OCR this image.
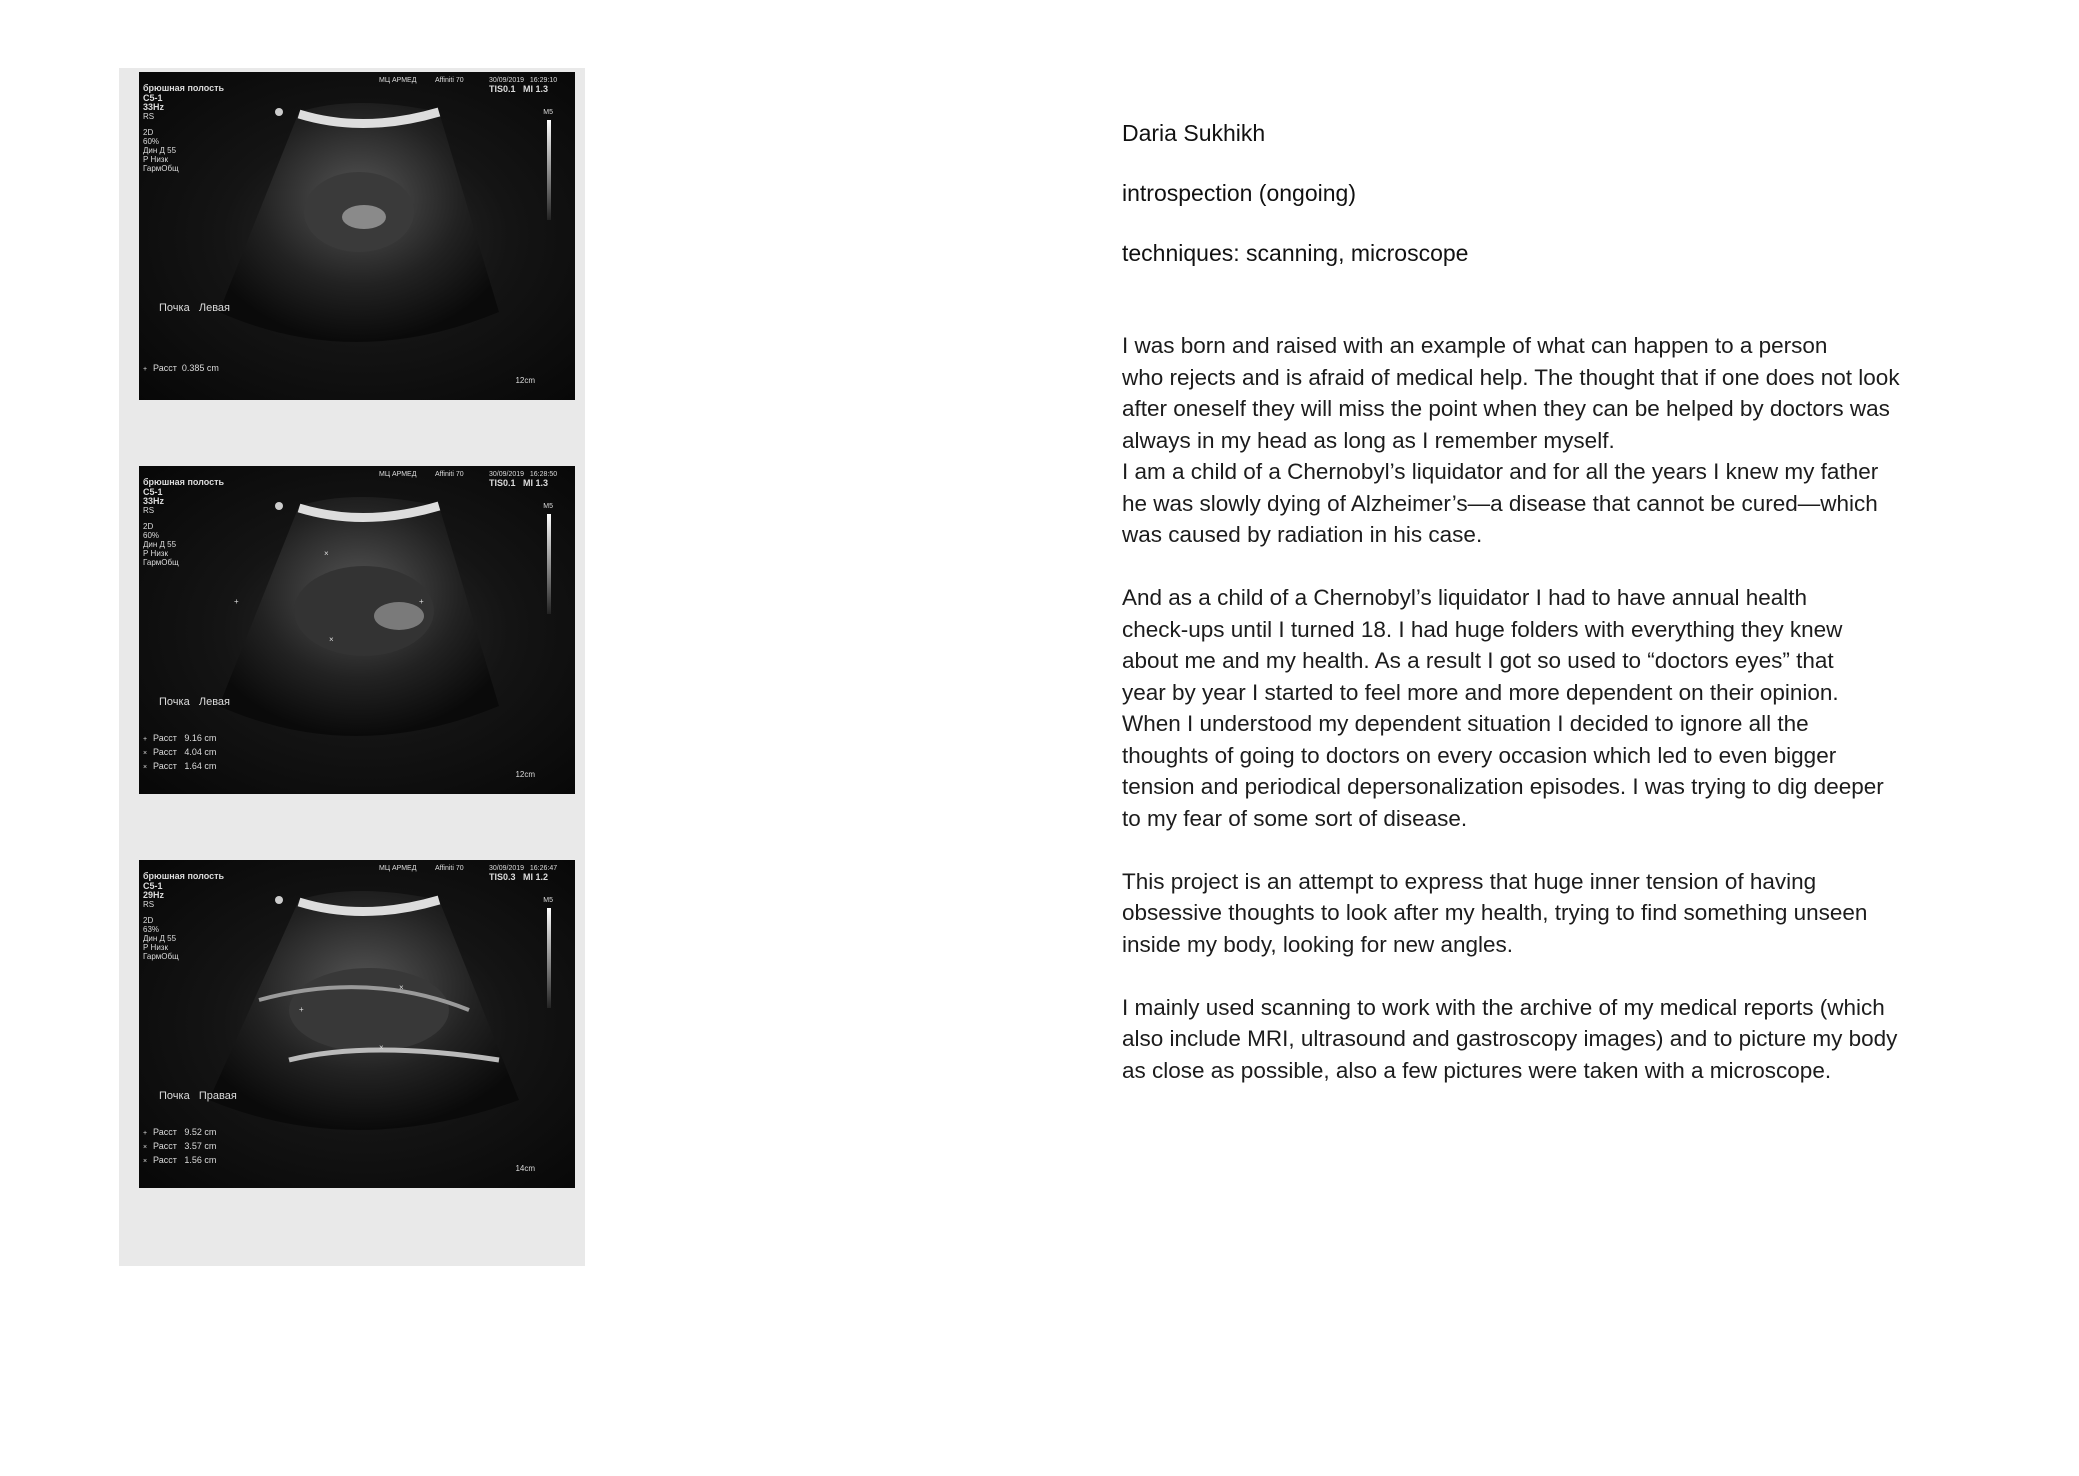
брюшная полость
МЦ АРМЕД	Affiniti 70	30/09/2019   16:29:10
TIS0.1   MI 1.3
C5-1
33Hz
RS
2D
60%
Дин Д 55
Р Низк
ГармОбщ
M5
Почка   Левая
+ Расст  0.385 cm
12cm
×
+	+
×
брюшная полость
МЦ АРМЕД	Affiniti 70	30/09/2019   16:28:50
TIS0.1   MI 1.3
C5-1
33Hz
RS
2D
60%
Дин Д 55
Р Низк
ГармОбщ
M5
Почка   Левая
+ Расст   9.16 cm
× Расст   4.04 cm
× Расст   1.64 cm
12cm
+
×
×
брюшная полость
МЦ АРМЕД	Affiniti 70	30/09/2019   16:26:47
TIS0.3   MI 1.2
C5-1
29Hz
RS
2D
63%
Дин Д 55
Р Низк
ГармОбщ
M5
Почка   Правая
+ Расст   9.52 cm
× Расст   3.57 cm
× Расст   1.56 cm
14cm
Daria Sukhikh
introspection (ongoing)
techniques: scanning, microscope

I was born and raised with an example of what can happen to a person
who rejects and is afraid of medical help. The thought that if one does not look
after oneself they will miss the point when they can be helped by doctors was
always in my head as long as I remember myself.
I am a child of a Chernobyl’s liquidator and for all the years I knew my father
he was slowly dying of Alzheimer’s—a disease that cannot be cured—which
was caused by radiation in his case.

And as a child of a Chernobyl’s liquidator I had to have annual health
check-ups until I turned 18. I had huge folders with everything they knew
about me and my health. As a result I got so used to “doctors eyes” that
year by year I started to feel more and more dependent on their opinion.
When I understood my dependent situation I decided to ignore all the
thoughts of going to doctors on every occasion which led to even bigger
tension and periodical depersonalization episodes. I was trying to dig deeper
to my fear of some sort of disease.

This project is an attempt to express that huge inner tension of having
obsessive thoughts to look after my health, trying to find something unseen
inside my body, looking for new angles.

I mainly used scanning to work with the archive of my medical reports (which
also include MRI, ultrasound and gastroscopy images) and to picture my body
as close as possible, also a few pictures were taken with a microscope.
